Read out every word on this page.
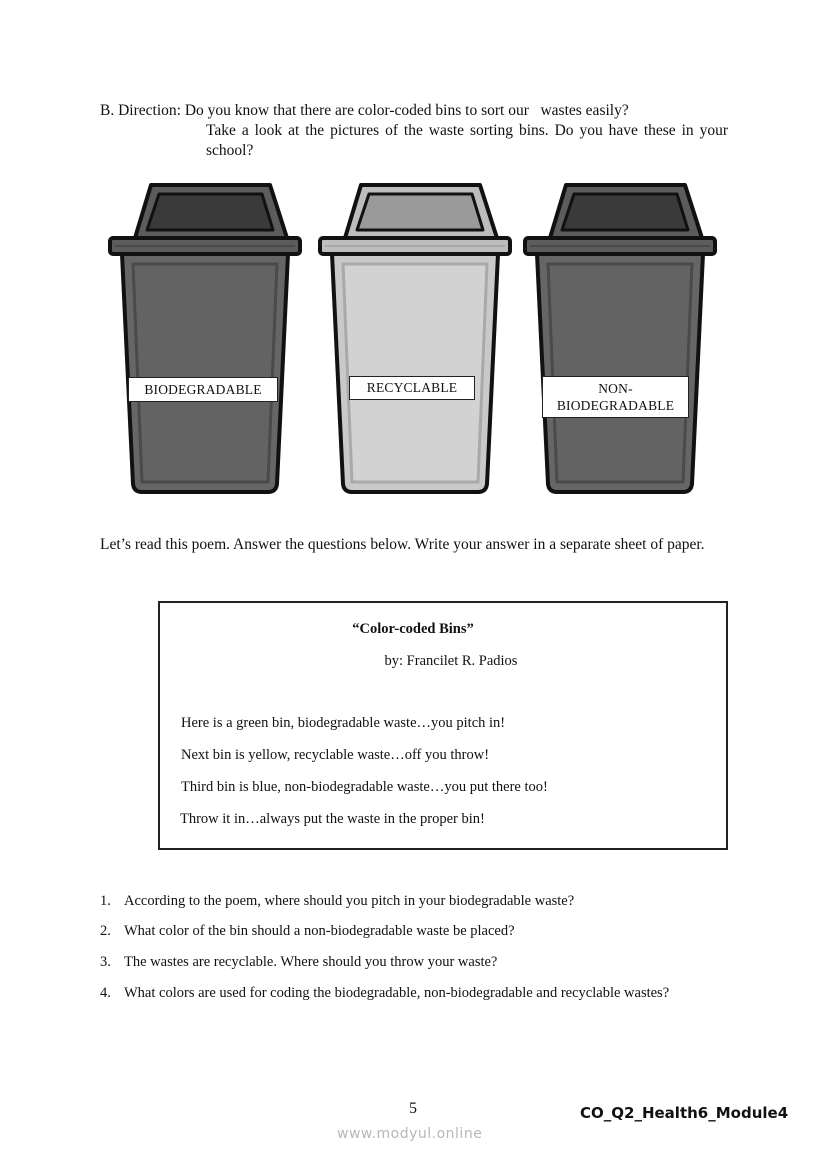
B. Direction: Do you know that there are color-coded bins to sort our   wastes easily?
Take a look at the pictures of the waste sorting bins. Do you have these in your school?
BIODEGRADABLE	RECYCLABLE	NON-
BIODEGRADABLE
Let’s read this poem. Answer the questions below. Write your answer in a separate sheet of paper.
“Color-coded Bins”
by: Francilet R. Padios
Here is a green bin, biodegradable waste…you pitch in!
Next bin is yellow, recyclable waste…off you throw!
Third bin is blue, non-biodegradable waste…you put there too!
Throw it in…always put the waste in the proper bin!
1. According to the poem, where should you pitch in your biodegradable waste?
2. What color of the bin should a non-biodegradable waste be placed?
3. The wastes are recyclable. Where should you throw your waste?
4. What colors are used for coding the biodegradable, non-biodegradable and recyclable wastes?
5	CO_Q2_Health6_Module4
www.modyul.online
